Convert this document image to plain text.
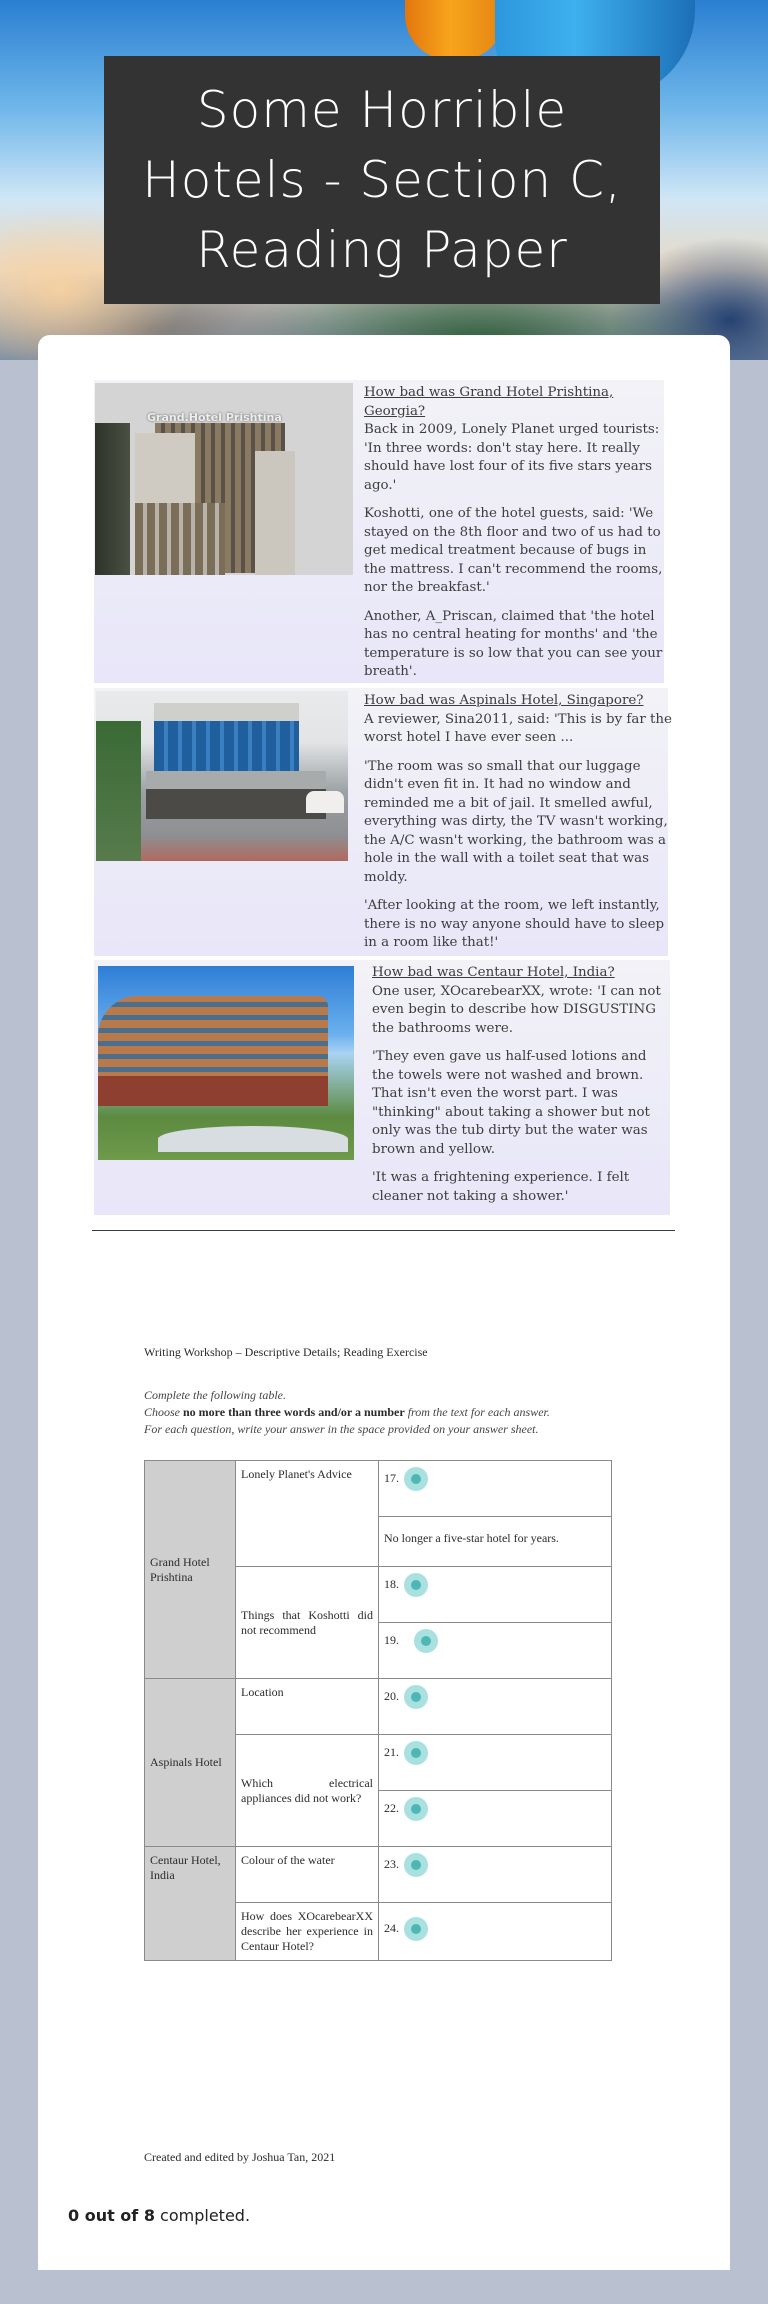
Some Horrible Hotels - Section C, Reading Paper
Grand.Hotel Prishtina
How bad was Grand Hotel Prishtina, Georgia?

Back in 2009, Lonely Planet urged tourists: 'In three words: don't stay here. It really should have lost four of its five stars years ago.'

Koshotti, one of the hotel guests, said: 'We stayed on the 8th floor and two of us had to get medical treatment because of bugs in the mattress. I can't recommend the rooms, nor the breakfast.'

Another, A_Priscan, claimed that 'the hotel has no central heating for months' and 'the temperature is so low that you can see your breath'.

How bad was Aspinals Hotel, Singapore?

A reviewer, Sina2011, said: 'This is by far the worst hotel I have ever seen ...

'The room was so small that our luggage didn't even fit in. It had no window and reminded me a bit of jail. It smelled awful, everything was dirty, the TV wasn't working, the A/C wasn't working, the bathroom was a hole in the wall with a toilet seat that was moldy.

'After looking at the room, we left instantly, there is no way anyone should have to sleep in a room like that!'

How bad was Centaur Hotel, India?

One user, XOcarebearXX, wrote: 'I can not even begin to describe how DISGUSTING the bathrooms were.

'They even gave us half-used lotions and the towels were not washed and brown. That isn't even the worst part. I was "thinking" about taking a shower but not only was the tub dirty but the water was brown and yellow.

'It was a frightening experience. I felt cleaner not taking a shower.'

Writing Workshop – Descriptive Details; Reading Exercise
Complete the following table.
Choose no more than three words and/or a number from the text for each answer.
For each question, write your answer in the space provided on your answer sheet.
Grand Hotel Prishtina	Lonely Planet's Advice	17.
		No longer a five-star hotel for years.
	Things that Koshotti did not recommend	18.
		19.
Aspinals Hotel	Location	20.
	Which electrical appliances did not work?	21.
		22.
Centaur Hotel, India	Colour of the water	23.
	How does XOcarebearXX describe her experience in Centaur Hotel?	24.
Created and edited by Joshua Tan, 2021
0 out of 8 completed.
